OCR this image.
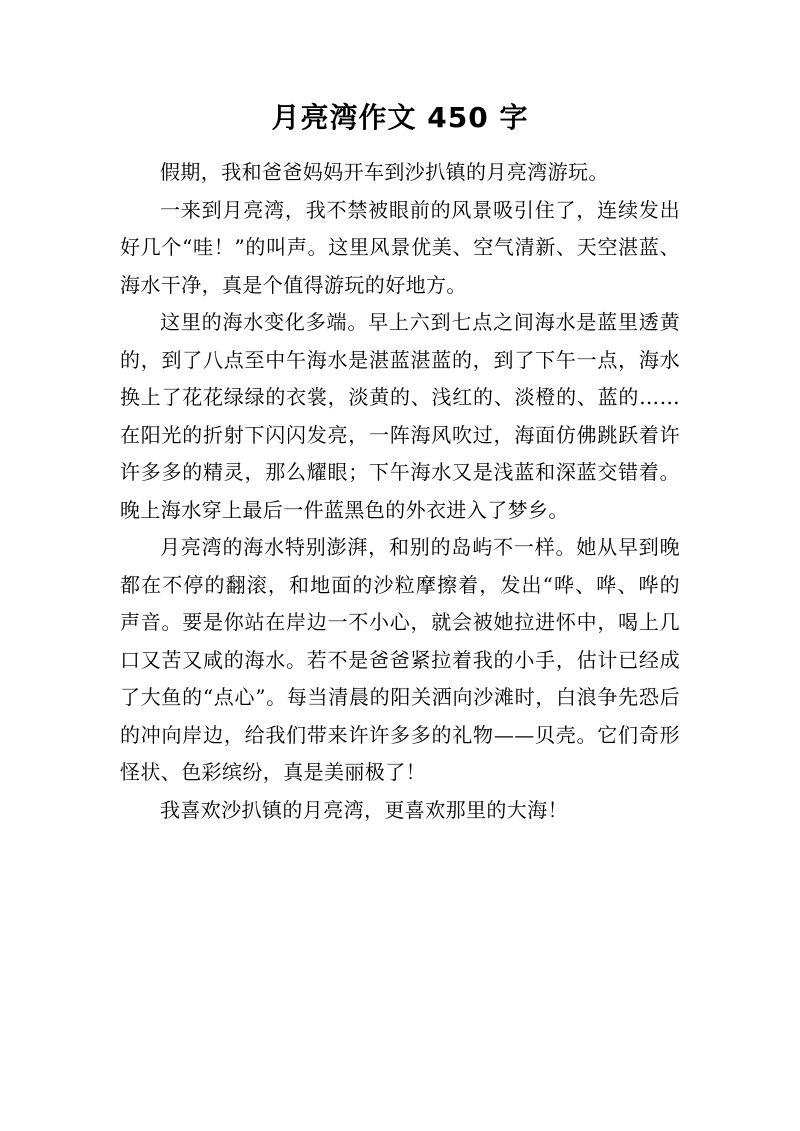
月亮湾作文 450 字

假期，我和爸爸妈妈开车到沙扒镇的月亮湾游玩。

一来到月亮湾，我不禁被眼前的风景吸引住了，连续发出好几个“哇！”的叫声。这里风景优美、空气清新、天空湛蓝、海水干净，真是个值得游玩的好地方。

这里的海水变化多端。早上六到七点之间海水是蓝里透黄的，到了八点至中午海水是湛蓝湛蓝的，到了下午一点，海水换上了花花绿绿的衣裳，淡黄的、浅红的、淡橙的、蓝的……在阳光的折射下闪闪发亮，一阵海风吹过，海面仿佛跳跃着许许多多的精灵，那么耀眼；下午海水又是浅蓝和深蓝交错着。晚上海水穿上最后一件蓝黑色的外衣进入了梦乡。

月亮湾的海水特别澎湃，和别的岛屿不一样。她从早到晚都在不停的翻滚，和地面的沙粒摩擦着，发出“哗、哗、哗的声音。要是你站在岸边一不小心，就会被她拉进怀中，喝上几口又苦又咸的海水。若不是爸爸紧拉着我的小手，估计已经成了大鱼的“点心”。每当清晨的阳关洒向沙滩时，白浪争先恐后的冲向岸边，给我们带来许许多多的礼物——贝壳。它们奇形怪状、色彩缤纷，真是美丽极了！

我喜欢沙扒镇的月亮湾，更喜欢那里的大海！
